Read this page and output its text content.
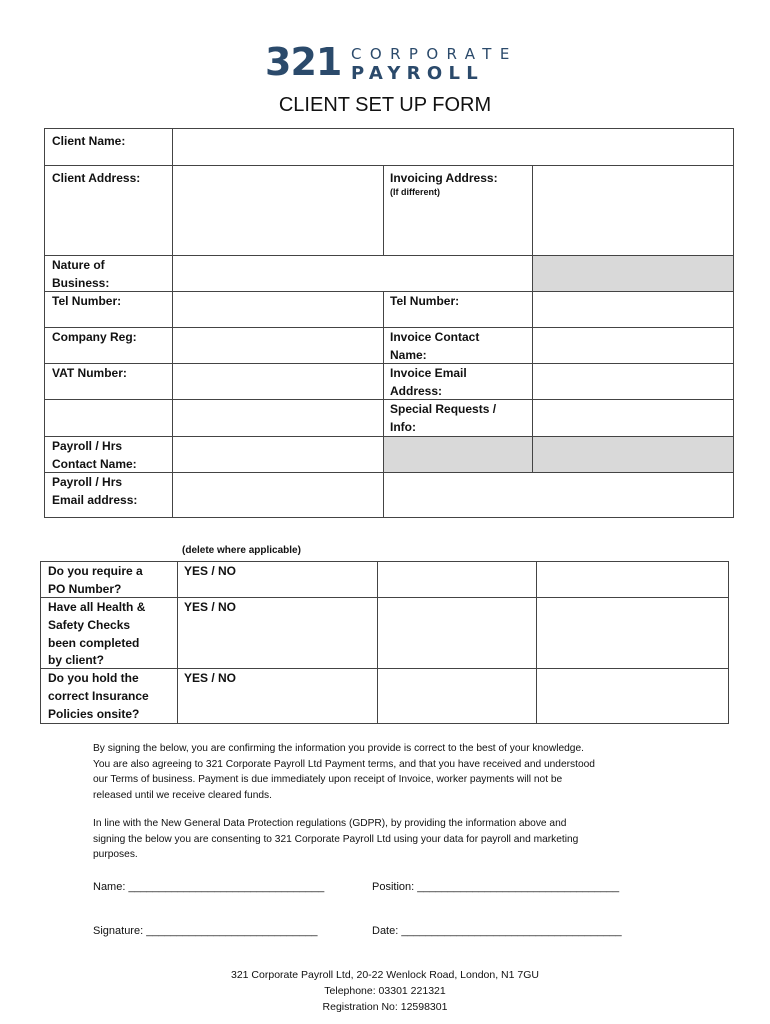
321 CORPORATE
PAYROLL
CLIENT SET UP FORM
Client Name:
Client Address:	Invoicing Address:
(If different)
Nature of
Business:
Tel Number:	Tel Number:
Company Reg:	Invoice Contact
Name:
VAT Number:	Invoice Email
Address:
Special Requests /
Info:
Payroll / Hrs
Contact Name:
Payroll / Hrs
Email address:
(delete where applicable)
Do you require a
PO Number?
YES / NO
Have all Health &
Safety Checks
been completed
by client?
YES / NO
Do you hold the
correct Insurance
Policies onsite?
YES / NO
By signing the below, you are confirming the information you provide is correct to the best of your knowledge.
You are also agreeing to 321 Corporate Payroll Ltd Payment terms, and that you have received and understood
our Terms of business. Payment is due immediately upon receipt of Invoice, worker payments will not be
released until we receive cleared funds.
In line with the New General Data Protection regulations (GDPR), by providing the information above and
signing the below you are consenting to 321 Corporate Payroll Ltd using your data for payroll and marketing
purposes.
Name: ________________________________	Position: _________________________________
Signature: ____________________________	Date: ____________________________________
321 Corporate Payroll Ltd, 20-22 Wenlock Road, London, N1 7GU
Telephone: 03301 221321
Registration No: 12598301
